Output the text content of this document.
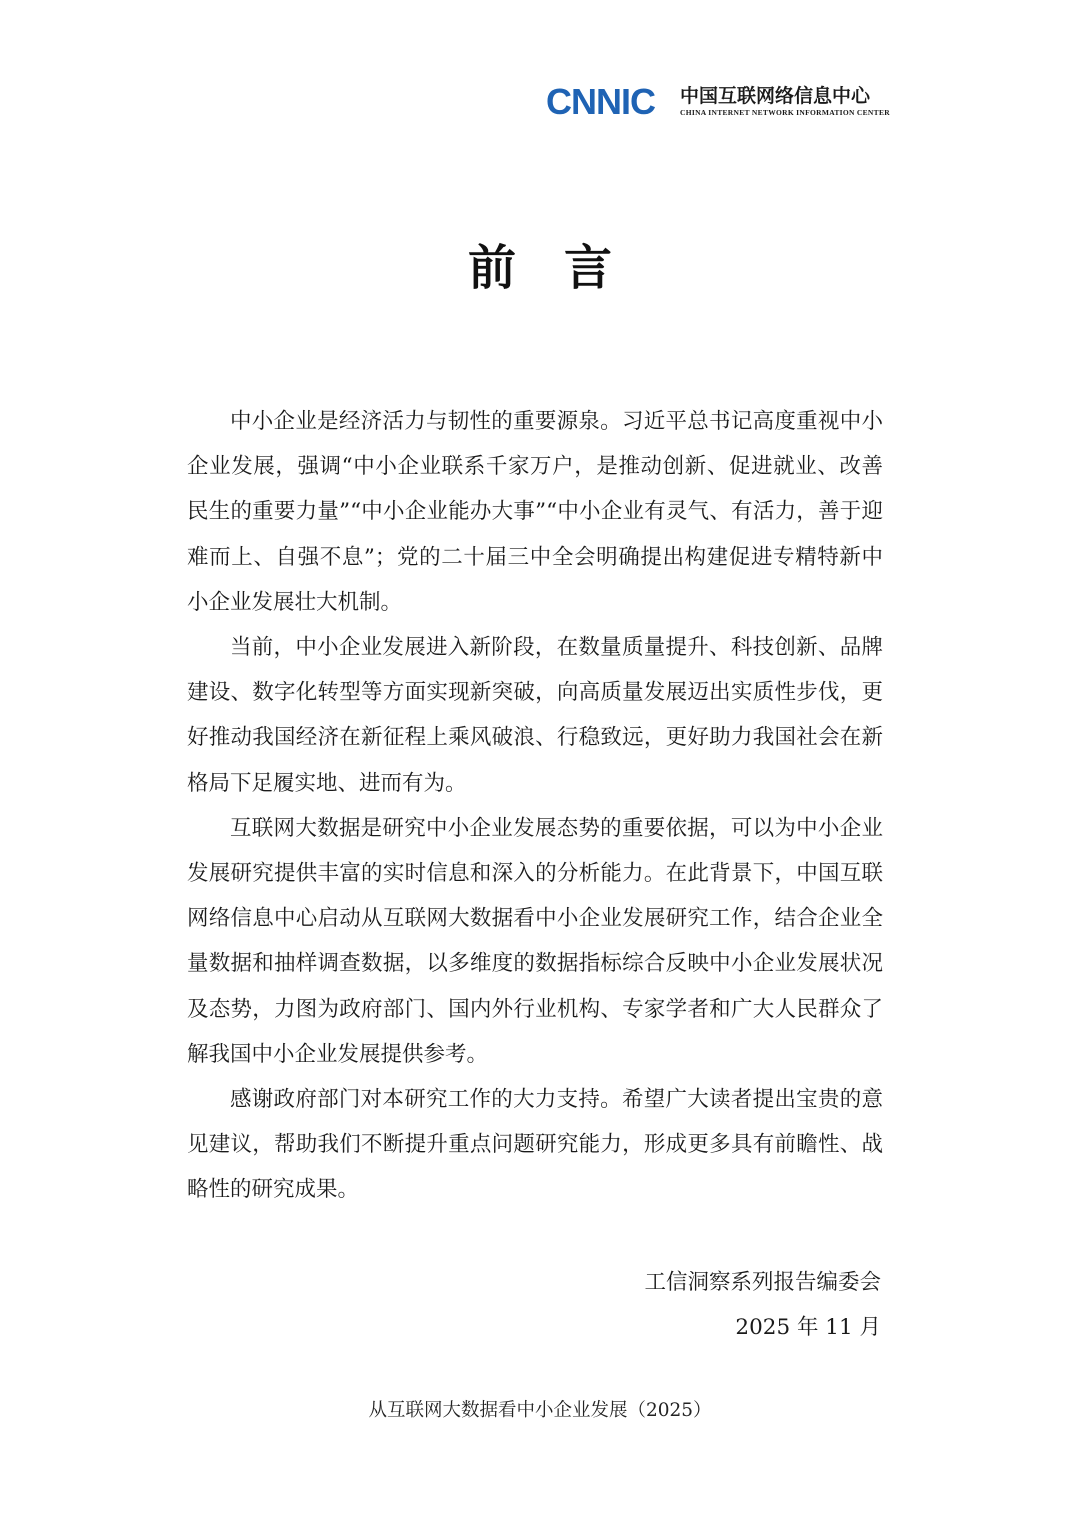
CNNIC 中国互联网络信息中心
CHINA INTERNET NETWORK INFORMATION CENTER
前　言

中小企业是经济活力与韧性的重要源泉。习近平总书记高度重视中小企业发展，强调“中小企业联系千家万户，是推动创新、促进就业、改善民生的重要力量”“中小企业能办大事”“中小企业有灵气、有活力，善于迎难而上、自强不息”；党的二十届三中全会明确提出构建促进专精特新中小企业发展壮大机制。

当前，中小企业发展进入新阶段，在数量质量提升、科技创新、品牌建设、数字化转型等方面实现新突破，向高质量发展迈出实质性步伐，更好推动我国经济在新征程上乘风破浪、行稳致远，更好助力我国社会在新格局下足履实地、进而有为。

互联网大数据是研究中小企业发展态势的重要依据，可以为中小企业发展研究提供丰富的实时信息和深入的分析能力。在此背景下，中国互联网络信息中心启动从互联网大数据看中小企业发展研究工作，结合企业全量数据和抽样调查数据，以多维度的数据指标综合反映中小企业发展状况及态势，力图为政府部门、国内外行业机构、专家学者和广大人民群众了解我国中小企业发展提供参考。

感谢政府部门对本研究工作的大力支持。希望广大读者提出宝贵的意见建议，帮助我们不断提升重点问题研究能力，形成更多具有前瞻性、战略性的研究成果。

工信洞察系列报告编委会
2025 年 11 月
从互联网大数据看中小企业发展（2025）
